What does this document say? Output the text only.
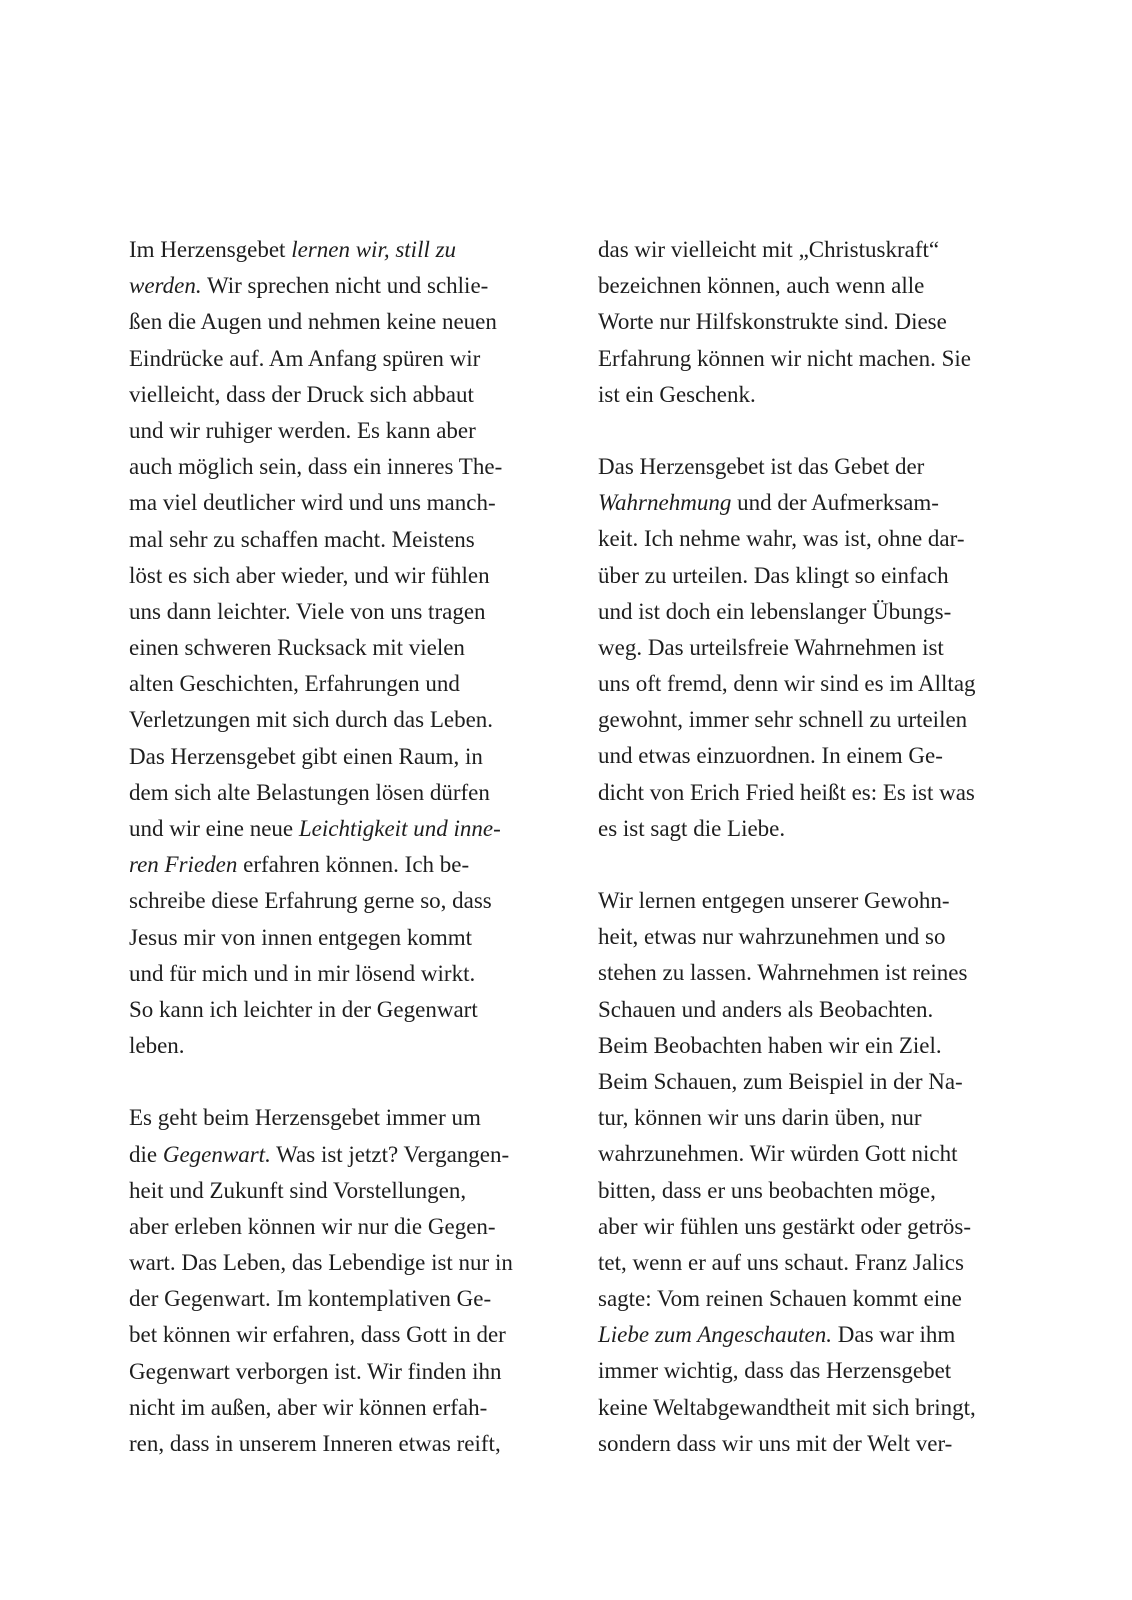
Im Herzensgebet lernen wir, still zu
werden. Wir sprechen nicht und schlie-
ßen die Augen und nehmen keine neuen
Eindrücke auf. Am Anfang spüren wir
vielleicht, dass der Druck sich abbaut
und wir ruhiger werden. Es kann aber
auch möglich sein, dass ein inneres The-
ma viel deutlicher wird und uns manch-
mal sehr zu schaffen macht. Meistens
löst es sich aber wieder, und wir fühlen
uns dann leichter. Viele von uns tragen
einen schweren Rucksack mit vielen
alten Geschichten, Erfahrungen und
Verletzungen mit sich durch das Leben.
Das Herzensgebet gibt einen Raum, in
dem sich alte Belastungen lösen dürfen
und wir eine neue Leichtigkeit und inne-
ren Frieden erfahren können. Ich be-
schreibe diese Erfahrung gerne so, dass
Jesus mir von innen entgegen kommt
und für mich und in mir lösend wirkt.
So kann ich leichter in der Gegenwart
leben.
Es geht beim Herzensgebet immer um
die Gegenwart. Was ist jetzt? Vergangen-
heit und Zukunft sind Vorstellungen,
aber erleben können wir nur die Gegen-
wart. Das Leben, das Lebendige ist nur in
der Gegenwart. Im kontemplativen Ge-
bet können wir erfahren, dass Gott in der
Gegenwart verborgen ist. Wir finden ihn
nicht im außen, aber wir können erfah-
ren, dass in unserem Inneren etwas reift,
das wir vielleicht mit „Christuskraft“
bezeichnen können, auch wenn alle
Worte nur Hilfskonstrukte sind. Diese
Erfahrung können wir nicht machen. Sie
ist ein Geschenk.
Das Herzensgebet ist das Gebet der
Wahrnehmung und der Aufmerksam-
keit. Ich nehme wahr, was ist, ohne dar-
über zu urteilen. Das klingt so einfach
und ist doch ein lebenslanger Übungs-
weg. Das urteilsfreie Wahrnehmen ist
uns oft fremd, denn wir sind es im Alltag
gewohnt, immer sehr schnell zu urteilen
und etwas einzuordnen. In einem Ge-
dicht von Erich Fried heißt es: Es ist was
es ist sagt die Liebe.
Wir lernen entgegen unserer Gewohn-
heit, etwas nur wahrzunehmen und so
stehen zu lassen. Wahrnehmen ist reines
Schauen und anders als Beobachten.
Beim Beobachten haben wir ein Ziel.
Beim Schauen, zum Beispiel in der Na-
tur, können wir uns darin üben, nur
wahrzunehmen. Wir würden Gott nicht
bitten, dass er uns beobachten möge,
aber wir fühlen uns gestärkt oder getrös-
tet, wenn er auf uns schaut. Franz Jalics
sagte: Vom reinen Schauen kommt eine
Liebe zum Angeschauten. Das war ihm
immer wichtig, dass das Herzensgebet
keine Weltabgewandtheit mit sich bringt,
sondern dass wir uns mit der Welt ver-
